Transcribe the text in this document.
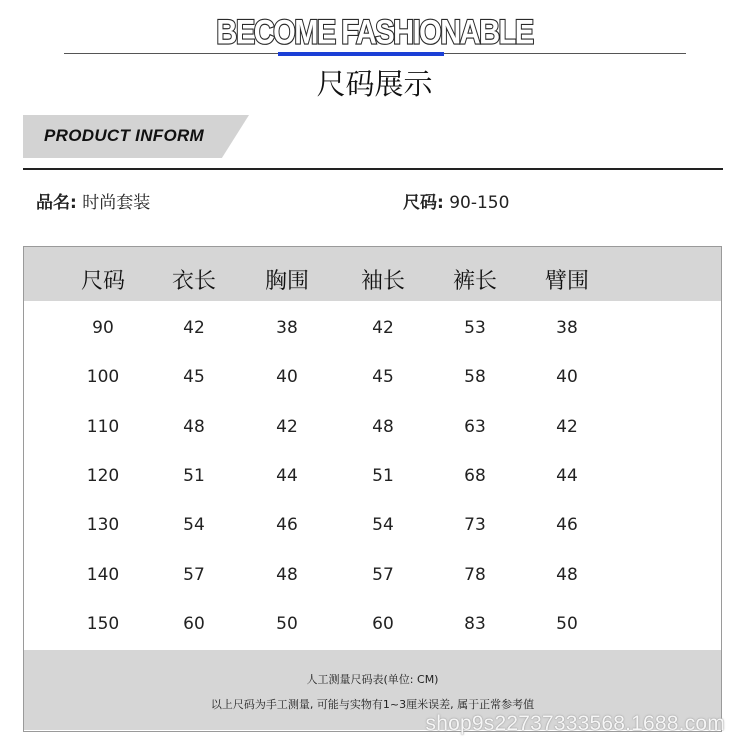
BECOME FASHIONABLE
尺码展示
PRODUCT INFORM
品名: 时尚套装	尺码: 90-150
尺码 衣长 胸围 袖长 裤长 臂围
90	42	38	42	53	38
100	45	40	45	58	40
110	48	42	48	63	42
120	51	44	51	68	44
130	54	46	54	73	46
140	57	48	57	78	48
150	60	50	60	83	50
人工测量尺码表(单位: CM)
以上尺码为手工测量, 可能与实物有1~3厘米误差, 属于正常参考值
shop9s22737333568.1688.com
